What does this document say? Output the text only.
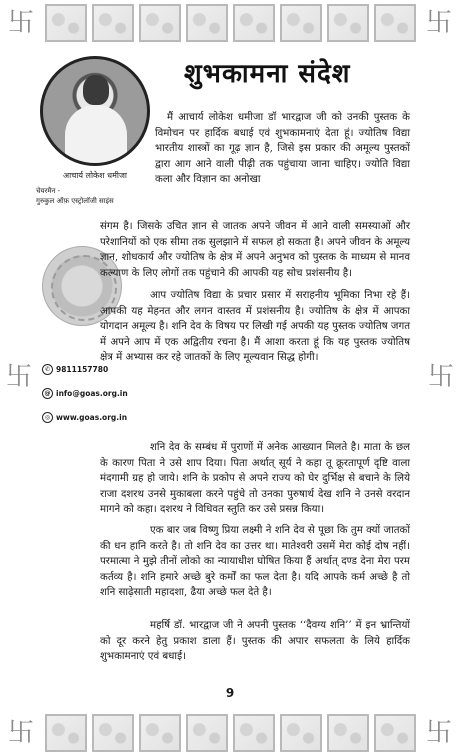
卐	卐
卐	卐
आचार्य लोकेश धमीजा
चेयरमैन -
गुरुकुल ऑफ़ एस्ट्रोलॉजी साइंस
✆ 9811157780
@ info@goas.org.in
◎ www.goas.org.in
शुभकामना संदेश

मैं आचार्य लोकेश धमीजा डॉ भारद्वाज जी को उनकी पुस्तक के विमोचन पर हार्दिक बधाई एवं शुभकामनाएं देता हूं। ज्योतिष विद्या भारतीय शास्त्रों का गूढ़ ज्ञान है, जिसे इस प्रकार की अमूल्य पुस्तकों द्वारा आग आने वाली पीढ़ी तक पहुंचाया जाना चाहिए। ज्योति विद्या कला और विज्ञान का अनोखा

संगम है। जिसके उचित ज्ञान से जातक अपने जीवन में आने वाली समस्याओं और परेशानियों को एक सीमा तक सुलझाने में सफल हो सकता है। अपने जीवन के अमूल्य ज्ञान, शोधकार्य और ज्योतिष के क्षेत्र में अपने अनुभव को पुस्तक के माध्यम से मानव कल्याण के लिए लोगों तक पहुंचाने की आपकी यह सोच प्रशंसनीय है।

आप ज्योतिष विद्या के प्रचार प्रसार में सराहनीय भूमिका निभा रहे हैं। आपकी यह मेहनत और लगन वास्तव में प्रशंसनीय है। ज्योतिष के क्षेत्र में आपका योगदान अमूल्य है। शनि देव के विषय पर लिखी गई अपकी यह पुस्तक ज्योतिष जगत में अपने आप में एक अद्वितीय रचना है। मैं आशा करता हूं कि यह पुस्तक ज्योतिष क्षेत्र में अभ्यास कर रहे जातकों के लिए मूल्यवान सिद्ध होगी।

शनि देव के सम्बंध में पुराणों में अनेक आख्यान मिलते है। माता के छल के कारण पिता ने उसे शाप दिया। पिता अर्थात् सूर्य ने कहा तू क्रूरतापूर्ण दृष्टि वाला मंदगामी ग्रह हो जाये। शनि के प्रकोप से अपने राज्य को घेर दुर्भिक्ष से बचाने के लिये राजा दशरथ उनसे मुकाबला करने पहुंचे तो उनका पुरुषार्थ देख शनि ने उनसे वरदान मागने को कहा। दशरथ ने विधिवत स्तुति कर उसे प्रसन्न किया।

एक बार जब विष्णु प्रिया लक्ष्मी ने शनि देव से पूछा कि तुम क्यों जातकों की धन हानि करते है। तो शनि देव का उत्तर था। मातेश्वरी उसमें मेरा कोई दोष नहीं। परमात्मा ने मुझे तीनों लोको का न्यायाधीश घोषित किया हैं अर्थात् दण्ड देना मेरा परम कर्तव्य है। शनि हमारे अच्छे बुरे कर्मों का फल देता है। यदि आपके कर्म अच्छे है तो शनि साढ़ेसाती महादशा, ढैया अच्छे फल देते है।

महर्षि डॉ. भारद्वाज जी ने अपनी पुस्तक ‘‘दैवग्य शनि’’ में इन भ्रान्तियों को दूर करने हेतु प्रकाश डाला हैं। पुस्तक की अपार सफलता के लिये हार्दिक शुभकामनाएं एवं बधाई।

9
卐	卐
